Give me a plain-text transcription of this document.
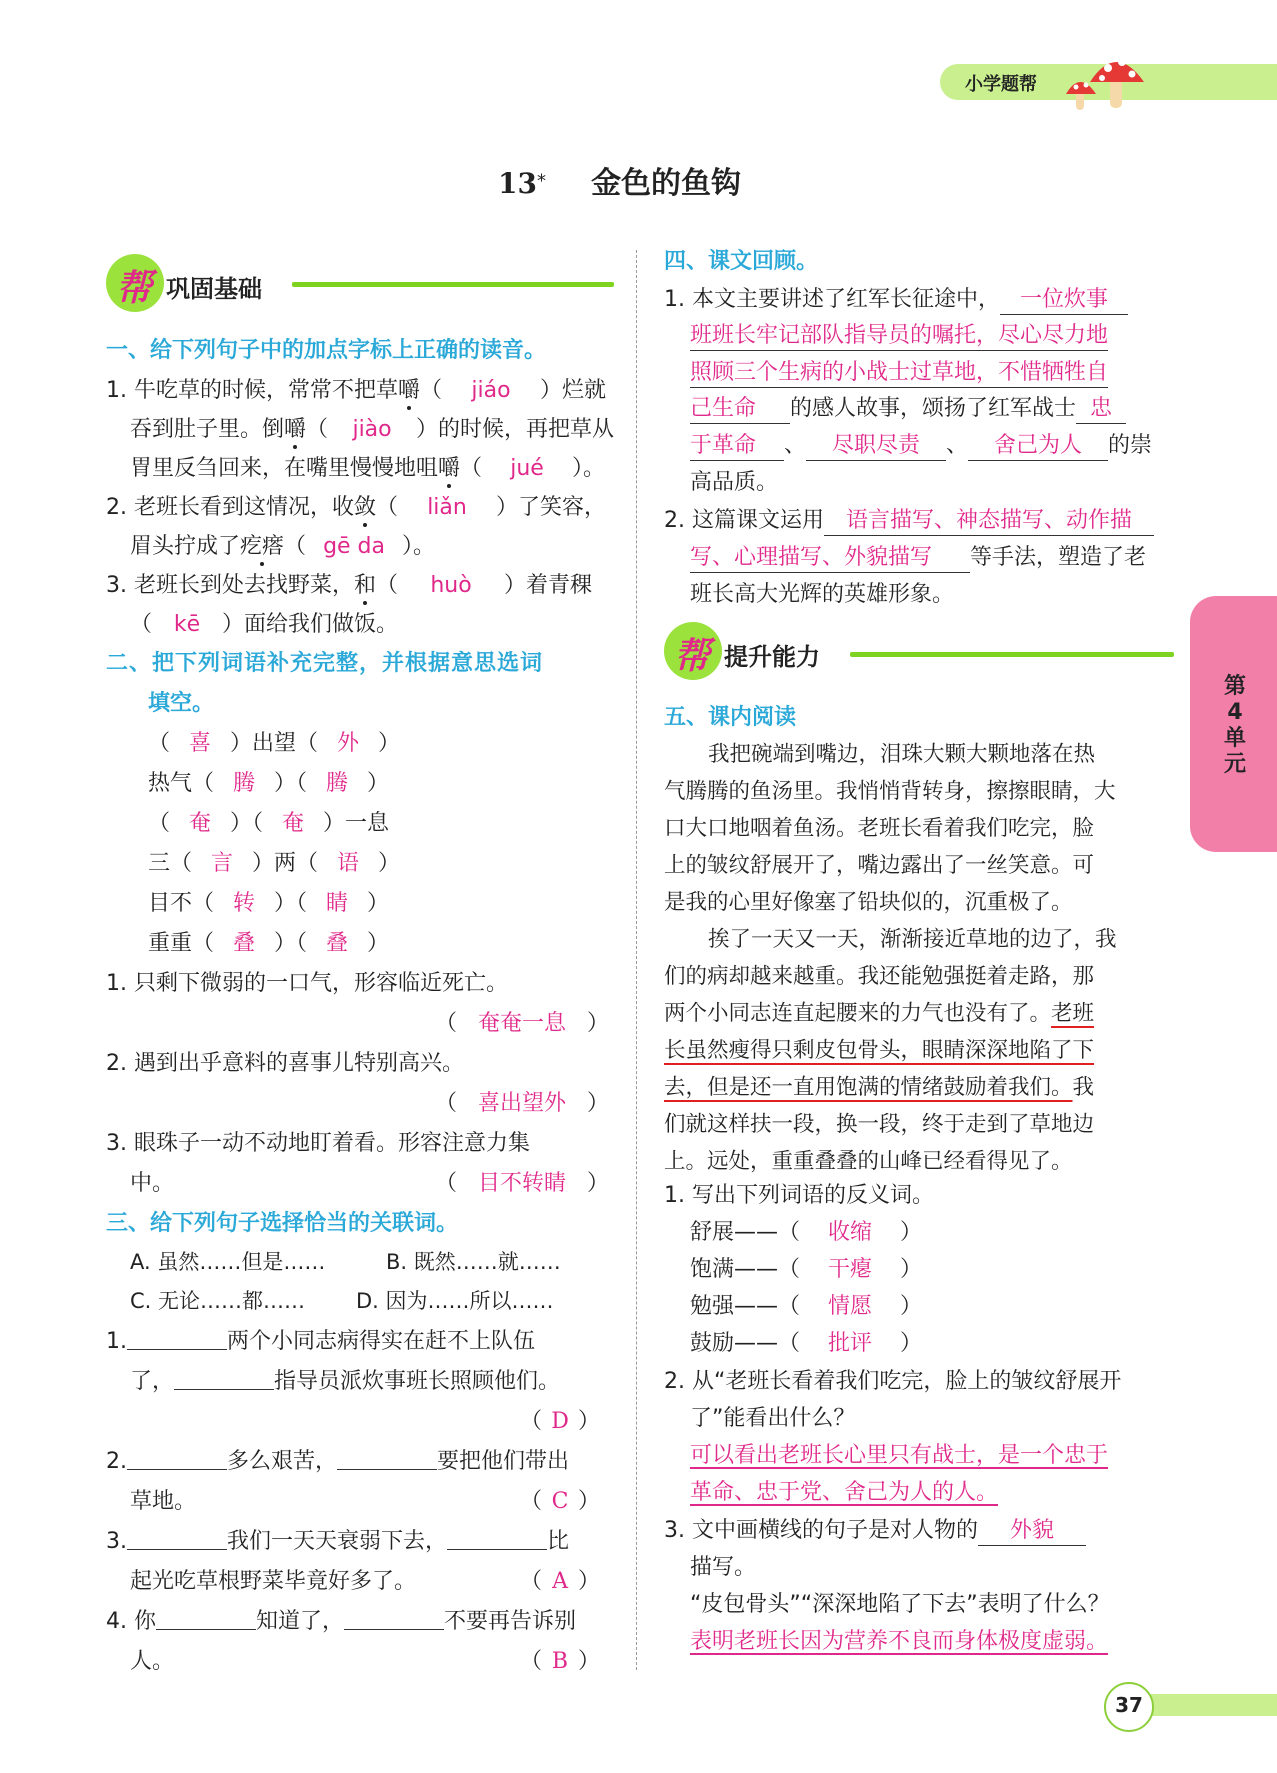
小学题帮
13* 金色的鱼钩
帮 巩固基础
一、给下列句子中的加点字标上正确的读音。
1. 牛吃草的时候，常常不把草嚼（ jiáo ）烂就
吞到肚子里。倒嚼（ jiào ）的时候，再把草从
胃里反刍回来，在嘴里慢慢地咀嚼（ jué ）。
2. 老班长看到这情况，收敛（ liǎn ）了笑容，
眉头拧成了疙瘩（ gē da ）。
3. 老班长到处去找野菜，和（ huò ）着青稞
（ kē ）面给我们做饭。
二、把下列词语补充完整，并根据意思选词
填空。
（ 喜 ）出望（ 外 ）
热气（ 腾 ）（ 腾 ）
（ 奄 ）（ 奄 ）一息
三（ 言 ）两（ 语 ）
目不（ 转 ）（ 睛 ）
重重（ 叠 ）（ 叠 ）
1. 只剩下微弱的一口气，形容临近死亡。
（ 奄奄一息 ）
2. 遇到出乎意料的喜事儿特别高兴。
（ 喜出望外 ）
3. 眼珠子一动不动地盯着看。形容注意力集
中。	（ 目不转睛 ）
三、给下列句子选择恰当的关联词。
A. 虽然……但是……	B. 既然……就……
C. 无论……都…… D. 因为……所以……
1.	两个小同志病得实在赶不上队伍
了，	指导员派炊事班长照顾他们。
（ D ）
2.	多么艰苦，	要把他们带出
草地。	（ C ）
3.	我们一天天衰弱下去，	比
起光吃草根野菜毕竟好多了。	（ A ）
4. 你	知道了，	不要再告诉别
人。	（ B ）
四、课文回顾。
1. 本文主要讲述了红军长征途中， 一位炊事
班班长牢记部队指导员的嘱托，尽心尽力地
照顾三个生病的小战士过草地，不惜牺牲自
己生命 的感人故事，颂扬了红军战士 忠
于革命 、 尽职尽责 、 舍己为人 的崇
高品质。
2. 这篇课文运用 语言描写、神态描写、动作描
写、心理描写、外貌描写 等手法，塑造了老
班长高大光辉的英雄形象。
帮 提升能力
五、课内阅读
我把碗端到嘴边，泪珠大颗大颗地落在热
气腾腾的鱼汤里。我悄悄背转身，擦擦眼睛，大
口大口地咽着鱼汤。老班长看着我们吃完，脸
上的皱纹舒展开了，嘴边露出了一丝笑意。可
是我的心里好像塞了铅块似的，沉重极了。
挨了一天又一天，渐渐接近草地的边了，我
们的病却越来越重。我还能勉强挺着走路，那
两个小同志连直起腰来的力气也没有了。老班
长虽然瘦得只剩皮包骨头，眼睛深深地陷了下
去，但是还一直用饱满的情绪鼓励着我们。我
们就这样扶一段，换一段，终于走到了草地边
上。远处，重重叠叠的山峰已经看得见了。
1. 写出下列词语的反义词。
舒展——（ 收缩 ）
饱满——（ 干瘪 ）
勉强——（ 情愿 ）
鼓励——（ 批评 ）
2. 从“老班长看着我们吃完，脸上的皱纹舒展开
了”能看出什么？
可以看出老班长心里只有战士，是一个忠于
革命、忠于党、舍己为人的人。
3. 文中画横线的句子是对人物的 外貌
描写。
“皮包骨头”“深深地陷了下去”表明了什么？
表明老班长因为营养不良而身体极度虚弱。
第
4
单
元
37
